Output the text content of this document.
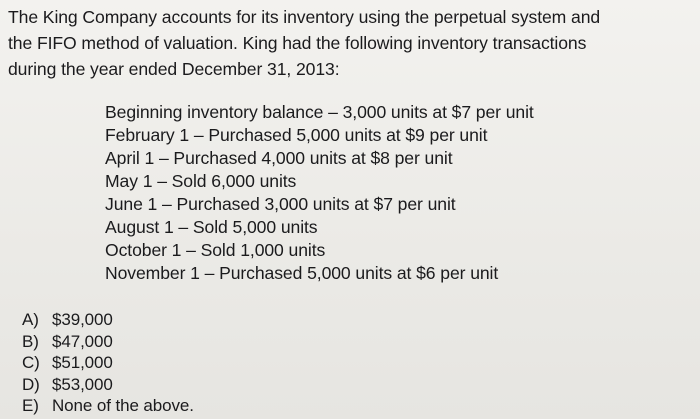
The King Company accounts for its inventory using the perpetual system and
the FIFO method of valuation. King had the following inventory transactions
during the year ended December 31, 2013:
Beginning inventory balance – 3,000 units at $7 per unit
February 1 – Purchased 5,000 units at $9 per unit
April 1 – Purchased 4,000 units at $8 per unit
May 1 – Sold 6,000 units
June 1 – Purchased 3,000 units at $7 per unit
August 1 – Sold 5,000 units
October 1 – Sold 1,000 units
November 1 – Purchased 5,000 units at $6 per unit
A) $39,000
B) $47,000
C) $51,000
D) $53,000
E) None of the above.
